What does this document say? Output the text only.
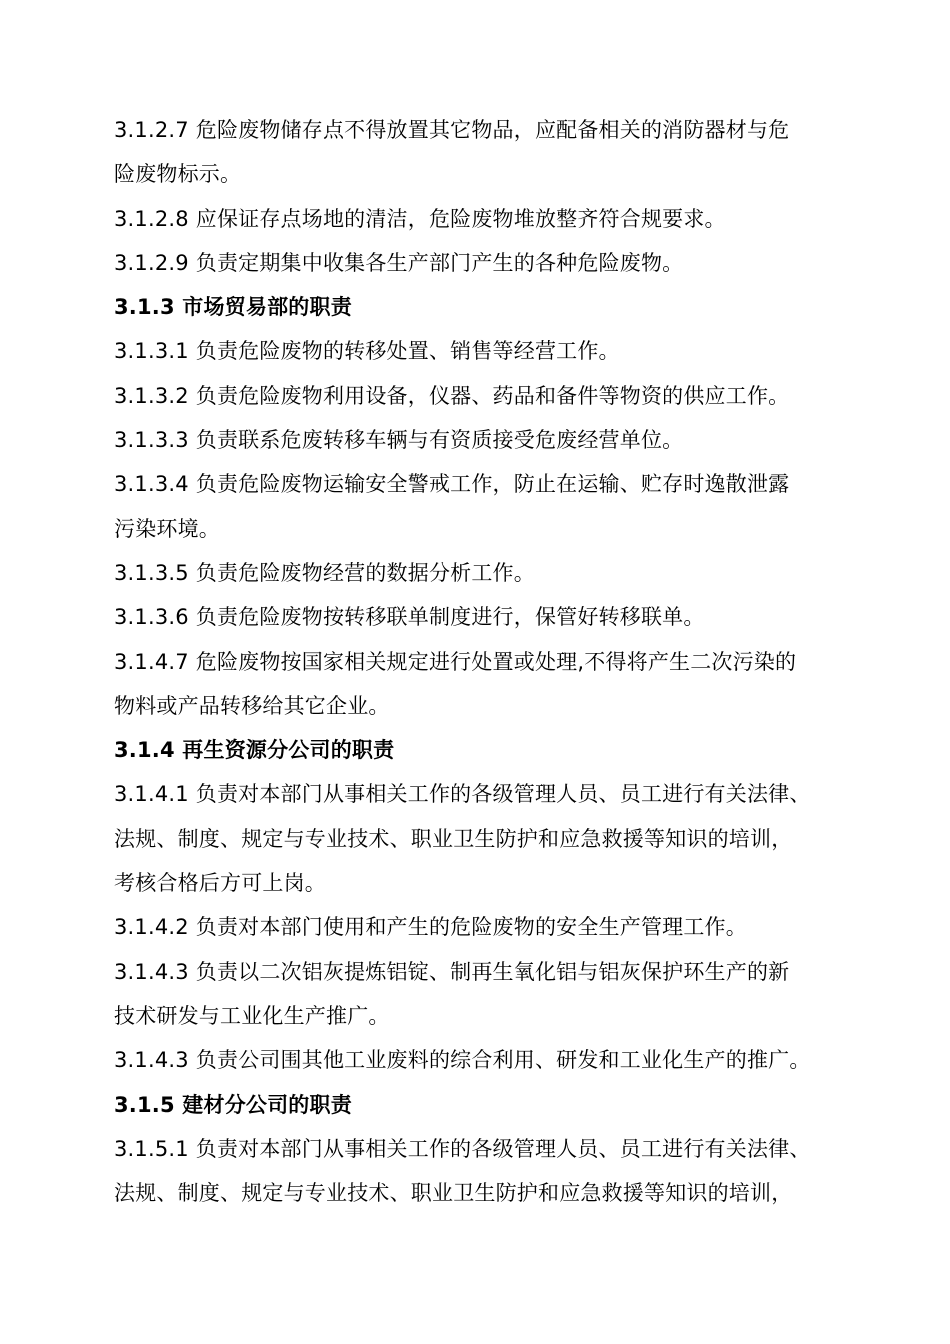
3.1.2.7 危险废物储存点不得放置其它物品，应配备相关的消防器材与危
险废物标示。
3.1.2.8 应保证存点场地的清洁，危险废物堆放整齐符合规要求。
3.1.2.9 负责定期集中收集各生产部门产生的各种危险废物。
3.1.3 市场贸易部的职责
3.1.3.1 负责危险废物的转移处置、销售等经营工作。
3.1.3.2 负责危险废物利用设备，仪器、药品和备件等物资的供应工作。
3.1.3.3 负责联系危废转移车辆与有资质接受危废经营单位。
3.1.3.4 负责危险废物运输安全警戒工作，防止在运输、贮存时逸散泄露
污染环境。
3.1.3.5 负责危险废物经营的数据分析工作。
3.1.3.6 负责危险废物按转移联单制度进行，保管好转移联单。
3.1.4.7 危险废物按国家相关规定进行处置或处理,不得将产生二次污染的
物料或产品转移给其它企业。
3.1.4 再生资源分公司的职责
3.1.4.1 负责对本部门从事相关工作的各级管理人员、员工进行有关法律、
法规、制度、规定与专业技术、职业卫生防护和应急救援等知识的培训，
考核合格后方可上岗。
3.1.4.2 负责对本部门使用和产生的危险废物的安全生产管理工作。
3.1.4.3 负责以二次铝灰提炼铝锭、制再生氧化铝与铝灰保护环生产的新
技术研发与工业化生产推广。
3.1.4.3 负责公司围其他工业废料的综合利用、研发和工业化生产的推广。
3.1.5 建材分公司的职责
3.1.5.1 负责对本部门从事相关工作的各级管理人员、员工进行有关法律、
法规、制度、规定与专业技术、职业卫生防护和应急救援等知识的培训，
